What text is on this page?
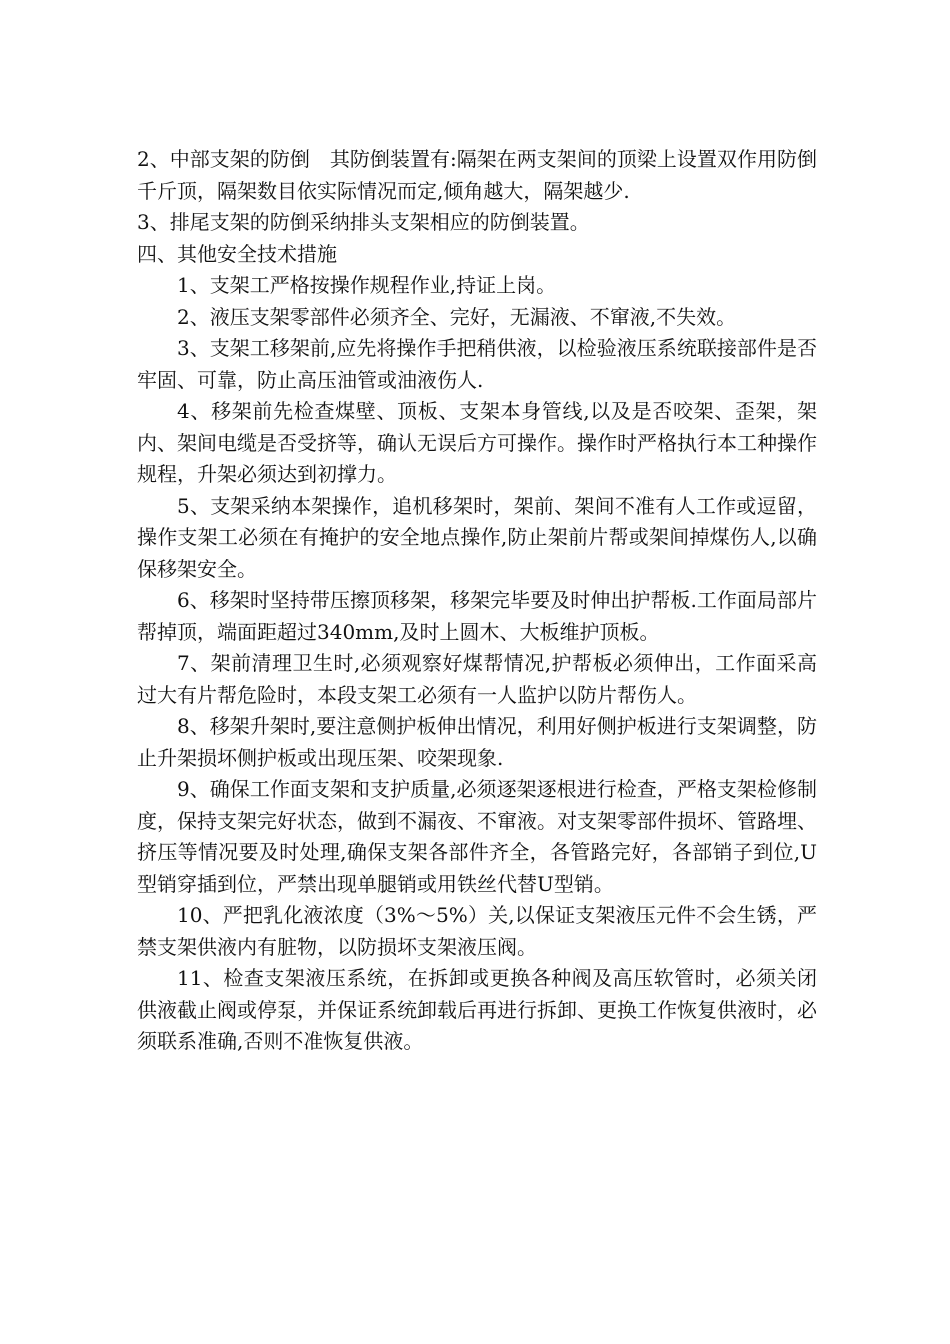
2、中部支架的防倒　其防倒装置有:隔架在两支架间的顶梁上设置双作用防倒千斤顶，隔架数目依实际情况而定,倾角越大，隔架越少.

3、排尾支架的防倒采纳排头支架相应的防倒装置。

四、其他安全技术措施

1、支架工严格按操作规程作业,持证上岗。

2、液压支架零部件必须齐全、完好，无漏液、不窜液,不失效。

3、支架工移架前,应先将操作手把稍供液，以检验液压系统联接部件是否牢固、可靠，防止高压油管或油液伤人.

4、移架前先检查煤壁、顶板、支架本身管线,以及是否咬架、歪架，架内、架间电缆是否受挤等，确认无误后方可操作。操作时严格执行本工种操作规程，升架必须达到初撑力。

5、支架采纳本架操作，追机移架时，架前、架间不准有人工作或逗留，操作支架工必须在有掩护的安全地点操作,防止架前片帮或架间掉煤伤人,以确保移架安全。

6、移架时坚持带压擦顶移架，移架完毕要及时伸出护帮板.工作面局部片帮掉顶，端面距超过340mm,及时上圆木、大板维护顶板。

7、架前清理卫生时,必须观察好煤帮情况,护帮板必须伸出，工作面采高过大有片帮危险时，本段支架工必须有一人监护以防片帮伤人。

8、移架升架时,要注意侧护板伸出情况，利用好侧护板进行支架调整，防止升架损坏侧护板或出现压架、咬架现象.

9、确保工作面支架和支护质量,必须逐架逐根进行检查，严格支架检修制度，保持支架完好状态，做到不漏夜、不窜液。对支架零部件损坏、管路埋、挤压等情况要及时处理,确保支架各部件齐全，各管路完好，各部销子到位,U型销穿插到位，严禁出现单腿销或用铁丝代替U型销。

10、严把乳化液浓度（3%～5%）关,以保证支架液压元件不会生锈，严禁支架供液内有脏物，以防损坏支架液压阀。

11、检查支架液压系统，在拆卸或更换各种阀及高压软管时，必须关闭供液截止阀或停泵，并保证系统卸载后再进行拆卸、更换工作恢复供液时，必须联系准确,否则不准恢复供液。
